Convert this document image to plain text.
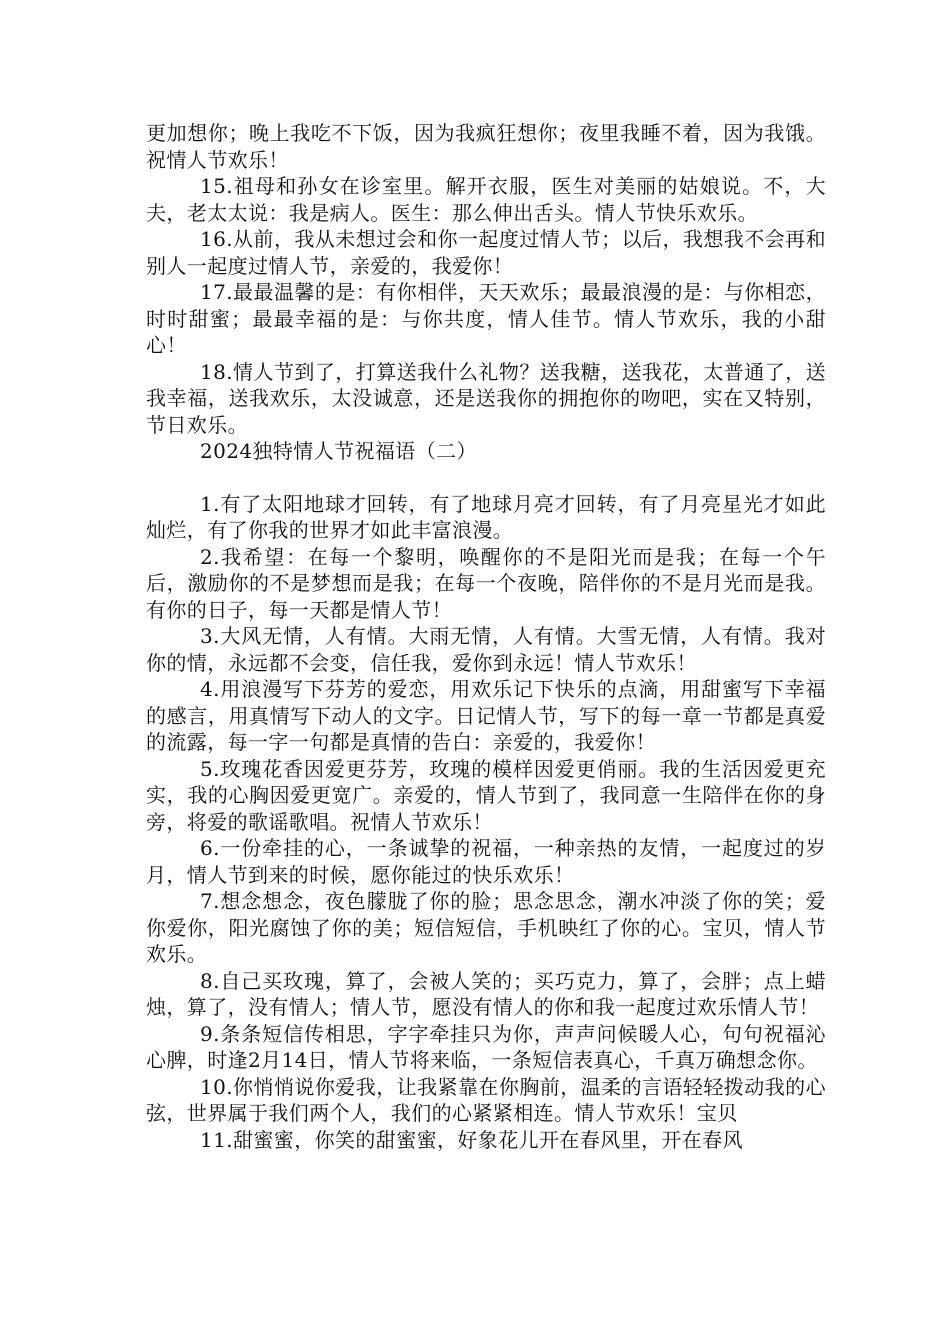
更加想你；晚上我吃不下饭，因为我疯狂想你；夜里我睡不着，因为我饿。祝情人节欢乐！

15.祖母和孙女在诊室里。解开衣服，医生对美丽的姑娘说。不，大夫，老太太说：我是病人。医生：那么伸出舌头。情人节快乐欢乐。

16.从前，我从未想过会和你一起度过情人节；以后，我想我不会再和别人一起度过情人节，亲爱的，我爱你！

17.最最温馨的是：有你相伴，天天欢乐；最最浪漫的是：与你相恋，时时甜蜜；最最幸福的是：与你共度，情人佳节。情人节欢乐，我的小甜心！

18.情人节到了，打算送我什么礼物？送我糖，送我花，太普通了，送我幸福，送我欢乐，太没诚意，还是送我你的拥抱你的吻吧，实在又特别，节日欢乐。

2024独特情人节祝福语（二）

1.有了太阳地球才回转，有了地球月亮才回转，有了月亮星光才如此灿烂，有了你我的世界才如此丰富浪漫。

2.我希望：在每一个黎明，唤醒你的不是阳光而是我；在每一个午后，激励你的不是梦想而是我；在每一个夜晚，陪伴你的不是月光而是我。有你的日子，每一天都是情人节！

3.大风无情，人有情。大雨无情，人有情。大雪无情，人有情。我对你的情，永远都不会变，信任我，爱你到永远！情人节欢乐！

4.用浪漫写下芬芳的爱恋，用欢乐记下快乐的点滴，用甜蜜写下幸福的感言，用真情写下动人的文字。日记情人节，写下的每一章一节都是真爱的流露，每一字一句都是真情的告白：亲爱的，我爱你！

5.玫瑰花香因爱更芬芳，玫瑰的模样因爱更俏丽。我的生活因爱更充实，我的心胸因爱更宽广。亲爱的，情人节到了，我同意一生陪伴在你的身旁，将爱的歌谣歌唱。祝情人节欢乐！

6.一份牵挂的心，一条诚挚的祝福，一种亲热的友情，一起度过的岁月，情人节到来的时候，愿你能过的快乐欢乐！

7.想念想念，夜色朦胧了你的脸；思念思念，潮水冲淡了你的笑；爱你爱你，阳光腐蚀了你的美；短信短信，手机映红了你的心。宝贝，情人节欢乐。

8.自己买玫瑰，算了，会被人笑的；买巧克力，算了，会胖；点上蜡烛，算了，没有情人；情人节，愿没有情人的你和我一起度过欢乐情人节！

9.条条短信传相思，字字牵挂只为你，声声问候暖人心，句句祝福沁心脾，时逢2月14日，情人节将来临，一条短信表真心，千真万确想念你。

10.你悄悄说你爱我，让我紧靠在你胸前，温柔的言语轻轻拨动我的心弦，世界属于我们两个人，我们的心紧紧相连。情人节欢乐！宝贝

11.甜蜜蜜，你笑的甜蜜蜜，好象花儿开在春风里，开在春风
